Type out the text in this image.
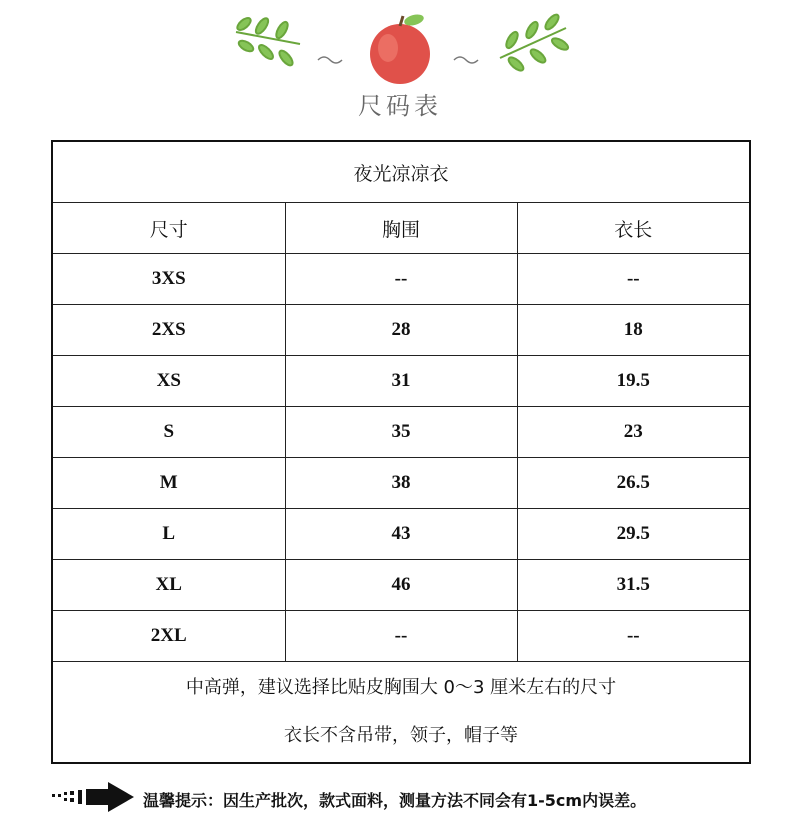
尺码表
夜光凉凉衣		
尺寸	胸围	衣长
3XS	--	--
2XS	28	18
XS	31	19.5
S	35	23
M	38	26.5
L	43	29.5
XL	46	31.5
2XL	--	--

中高弹，建议选择比贴皮胸围大 0～3 厘米左右的尺寸
衣长不含吊带，领子，帽子等		
温馨提示：因生产批次，款式面料，测量方法不同会有1-5cm内误差。
